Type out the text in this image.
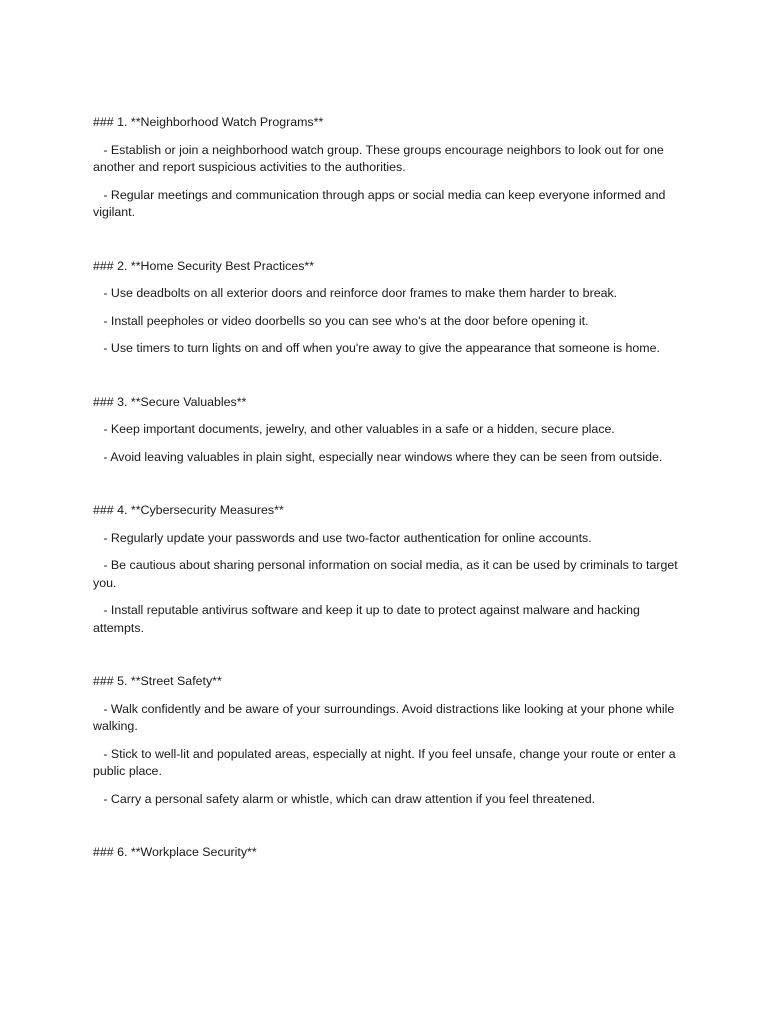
### 1. **Neighborhood Watch Programs**

- Establish or join a neighborhood watch group. These groups encourage neighbors to look out for one another and report suspicious activities to the authorities.

- Regular meetings and communication through apps or social media can keep everyone informed and vigilant.

### 2. **Home Security Best Practices**

- Use deadbolts on all exterior doors and reinforce door frames to make them harder to break.

- Install peepholes or video doorbells so you can see who's at the door before opening it.

- Use timers to turn lights on and off when you're away to give the appearance that someone is home.

### 3. **Secure Valuables**

- Keep important documents, jewelry, and other valuables in a safe or a hidden, secure place.

- Avoid leaving valuables in plain sight, especially near windows where they can be seen from outside.

### 4. **Cybersecurity Measures**

- Regularly update your passwords and use two-factor authentication for online accounts.

- Be cautious about sharing personal information on social media, as it can be used by criminals to target you.

- Install reputable antivirus software and keep it up to date to protect against malware and hacking attempts.

### 5. **Street Safety**

- Walk confidently and be aware of your surroundings. Avoid distractions like looking at your phone while walking.

- Stick to well-lit and populated areas, especially at night. If you feel unsafe, change your route or enter a public place.

- Carry a personal safety alarm or whistle, which can draw attention if you feel threatened.

### 6. **Workplace Security**
